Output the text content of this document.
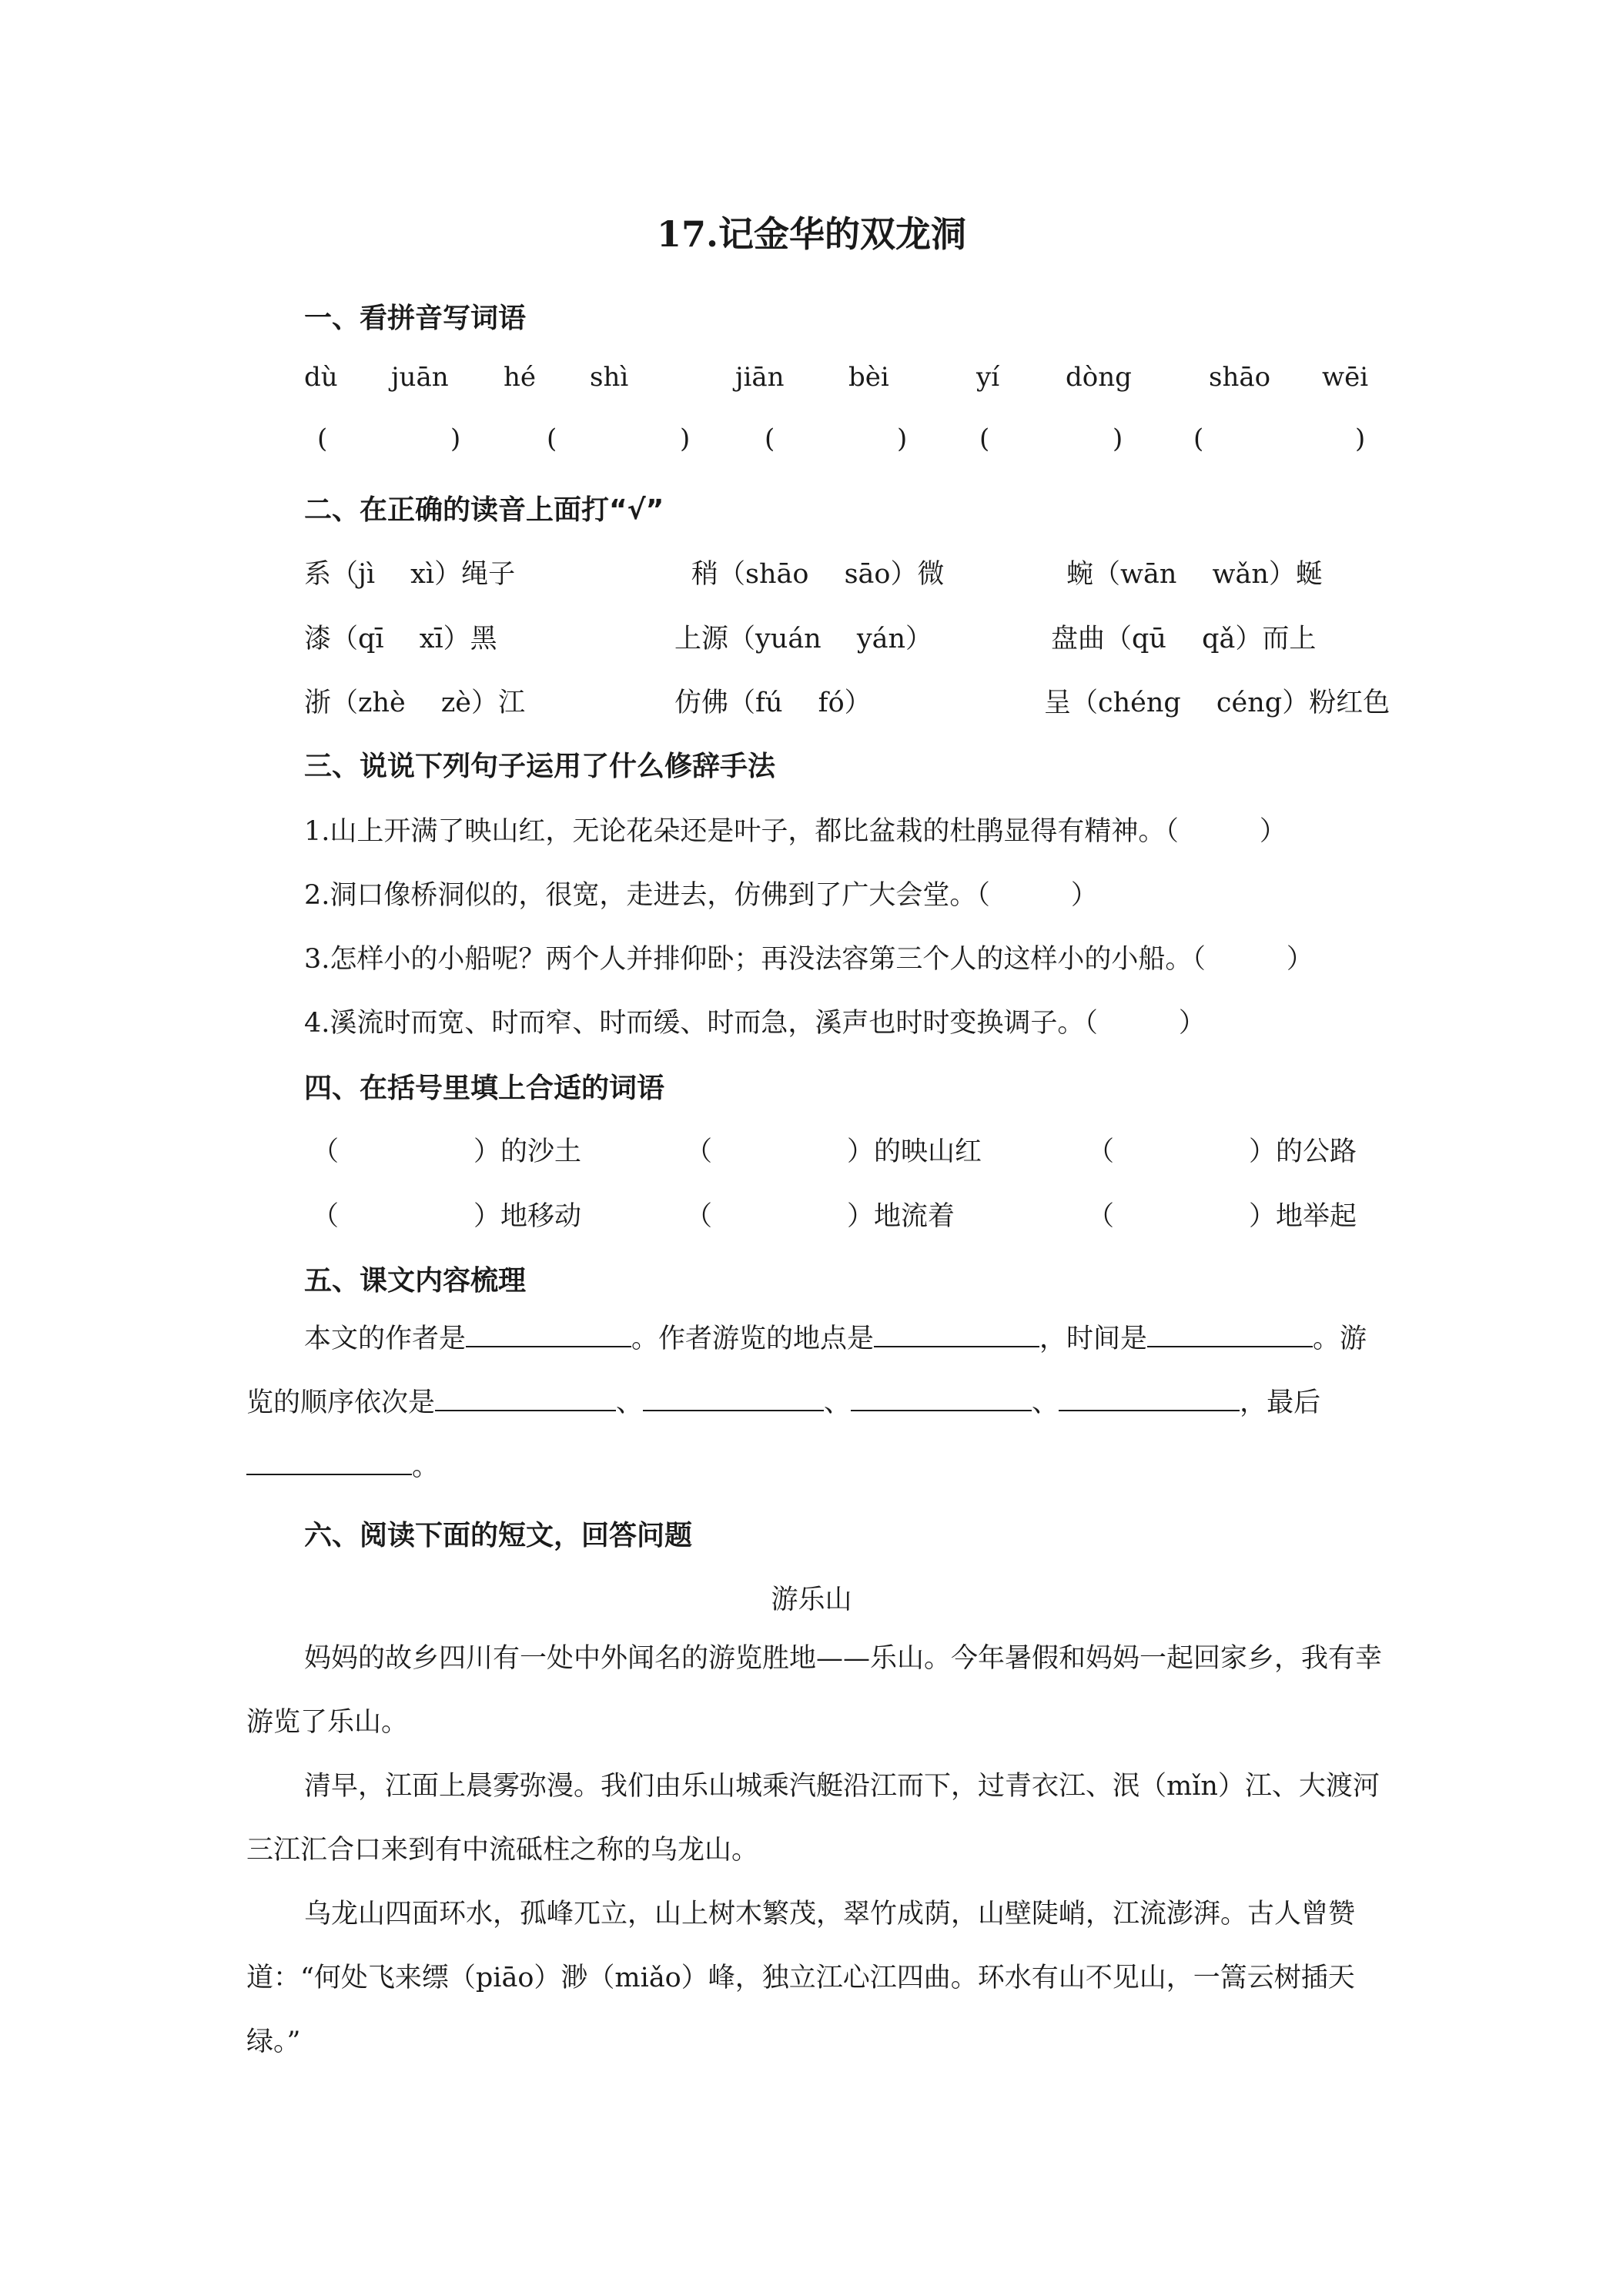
17.记金华的双龙洞
一、看拼音写词语
dù juān hé shì	jiān bèi	yí	dòng	shāo wēi
(	)	(	)	(	)	(	)	(	)
二、在正确的读音上面打“√”
系（jì　 xì）绳子	稍（shāo　 sāo）微	蜿（wān　 wǎn）蜒
漆（qī　 xī）黑	上源（yuán　 yán）	盘曲（qū　 qǎ）而上
浙（zhè　 zè）江	仿佛（fú　 fó）	呈（chéng　 céng）粉红色
三、说说下列句子运用了什么修辞手法
1.山上开满了映山红，无论花朵还是叶子，都比盆栽的杜鹃显得有精神。（　　　）
2.洞口像桥洞似的，很宽，走进去，仿佛到了广大会堂。（　　　）
3.怎样小的小船呢？两个人并排仰卧；再没法容第三个人的这样小的小船。（　　　）
4.溪流时而宽、时而窄、时而缓、时而急，溪声也时时变换调子。（　　　）
四、在括号里填上合适的词语
（　　　　　）的沙土	（　　　　　）的映山红	（　　　　　）的公路
（　　　　　）地移动	（　　　　　）地流着	（　　　　　）地举起
五、课文内容梳理
本文的作者是	。作者游览的地点是	，时间是	。游览的顺序依次是	、	、	、	，最后。
六、阅读下面的短文，回答问题
游乐山
妈妈的故乡四川有一处中外闻名的游览胜地——乐山。今年暑假和妈妈一起回家乡，我有幸游览了乐山。
清早，江面上晨雾弥漫。我们由乐山城乘汽艇沿江而下，过青衣江、泯（mǐn）江、大渡河三江汇合口来到有中流砥柱之称的乌龙山。
乌龙山四面环水，孤峰兀立，山上树木繁茂，翠竹成荫，山壁陡峭，江流澎湃。古人曾赞道：“何处飞来缥（piāo）渺（miǎo）峰，独立江心江四曲。环水有山不见山，一篙云树插天绿。”
